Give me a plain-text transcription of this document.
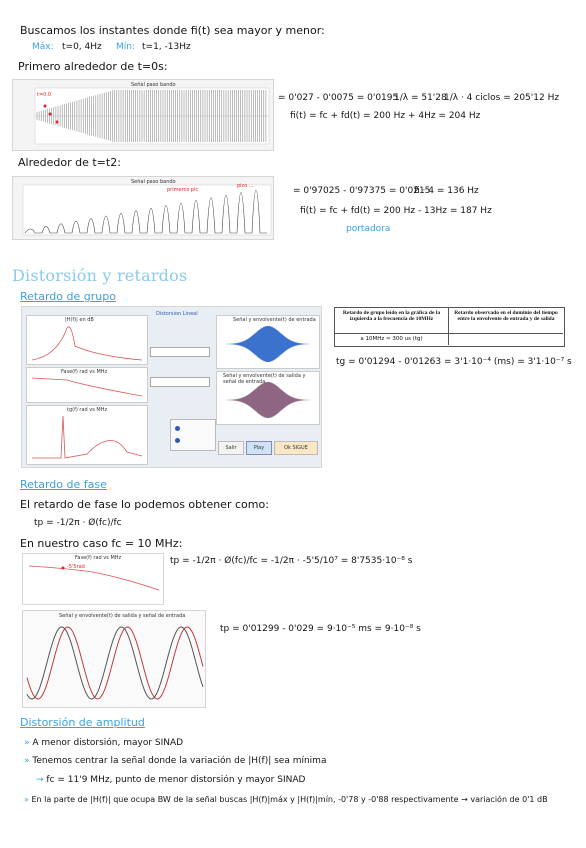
Buscamos los instantes donde fi(t) sea mayor y menor:
Máx: t=0, 4Hz Mín: t=1, -13Hz
Primero alrededor de t=0s:
Señal paso bando
t=0.0	= 0'027 - 0'0075 = 0'0195
1/λ = 51'28
1/λ · 4 ciclos = 205'12 Hz
fi(t) = fc + fd(t) = 200 Hz + 4Hz = 204 Hz
Alrededor de t=t2:
Señal paso bando
primeros pic
pico ...	= 0'97025 - 0'97375 = 0'0215
fi · 4 = 136 Hz
fi(t) = fc + fd(t) = 200 Hz - 13Hz = 187 Hz
portadora
Distorsión y retardos
Retardo de grupo
Distorsion Lineal
|H(f)| en dB
Fase(f) rad vs MHz
tg(f) rad vs MHz
Señal y envolvente(t) de entrada
Señal y envolvente(t) de salida y señal de entrada
Salir	Play	Ok SIGUE
Retardo de grupo leído en la gráfica de la izquierda a la frecuencia de 10MHz
Retardo observado en el dominio del tiempo entre la envolvente de entrada y de salida
a 10MHz ≈ 300 us (tg)
tg = 0'01294 - 0'01263 = 3'1·10⁻⁴ (ms) = 3'1·10⁻⁷ s
Retardo de fase
El retardo de fase lo podemos obtener como:
tp = -1/2π · Ø(fc)/fc
En nuestro caso fc = 10 MHz:
Fase(f) rad vs MHz
-5'5rad
tp = -1/2π · Ø(fc)/fc = -1/2π · -5'5/10⁷ = 8'7535·10⁻⁸ s
Señal y envolvente(t) de salida y señal de entrada
tp = 0'01299 - 0'029 = 9·10⁻⁵ ms = 9·10⁻⁸ s
Distorsión de amplitud
» A menor distorsión, mayor SINAD
» Tenemos centrar la señal donde la variación de |H(f)| sea mínima
→ fc = 11'9 MHz, punto de menor distorsión y mayor SINAD
» En la parte de |H(f)| que ocupa BW de la señal buscas |H(f)|máx y |H(f)|mín, -0'78 y -0'88 respectivamente → variación de 0'1 dB
